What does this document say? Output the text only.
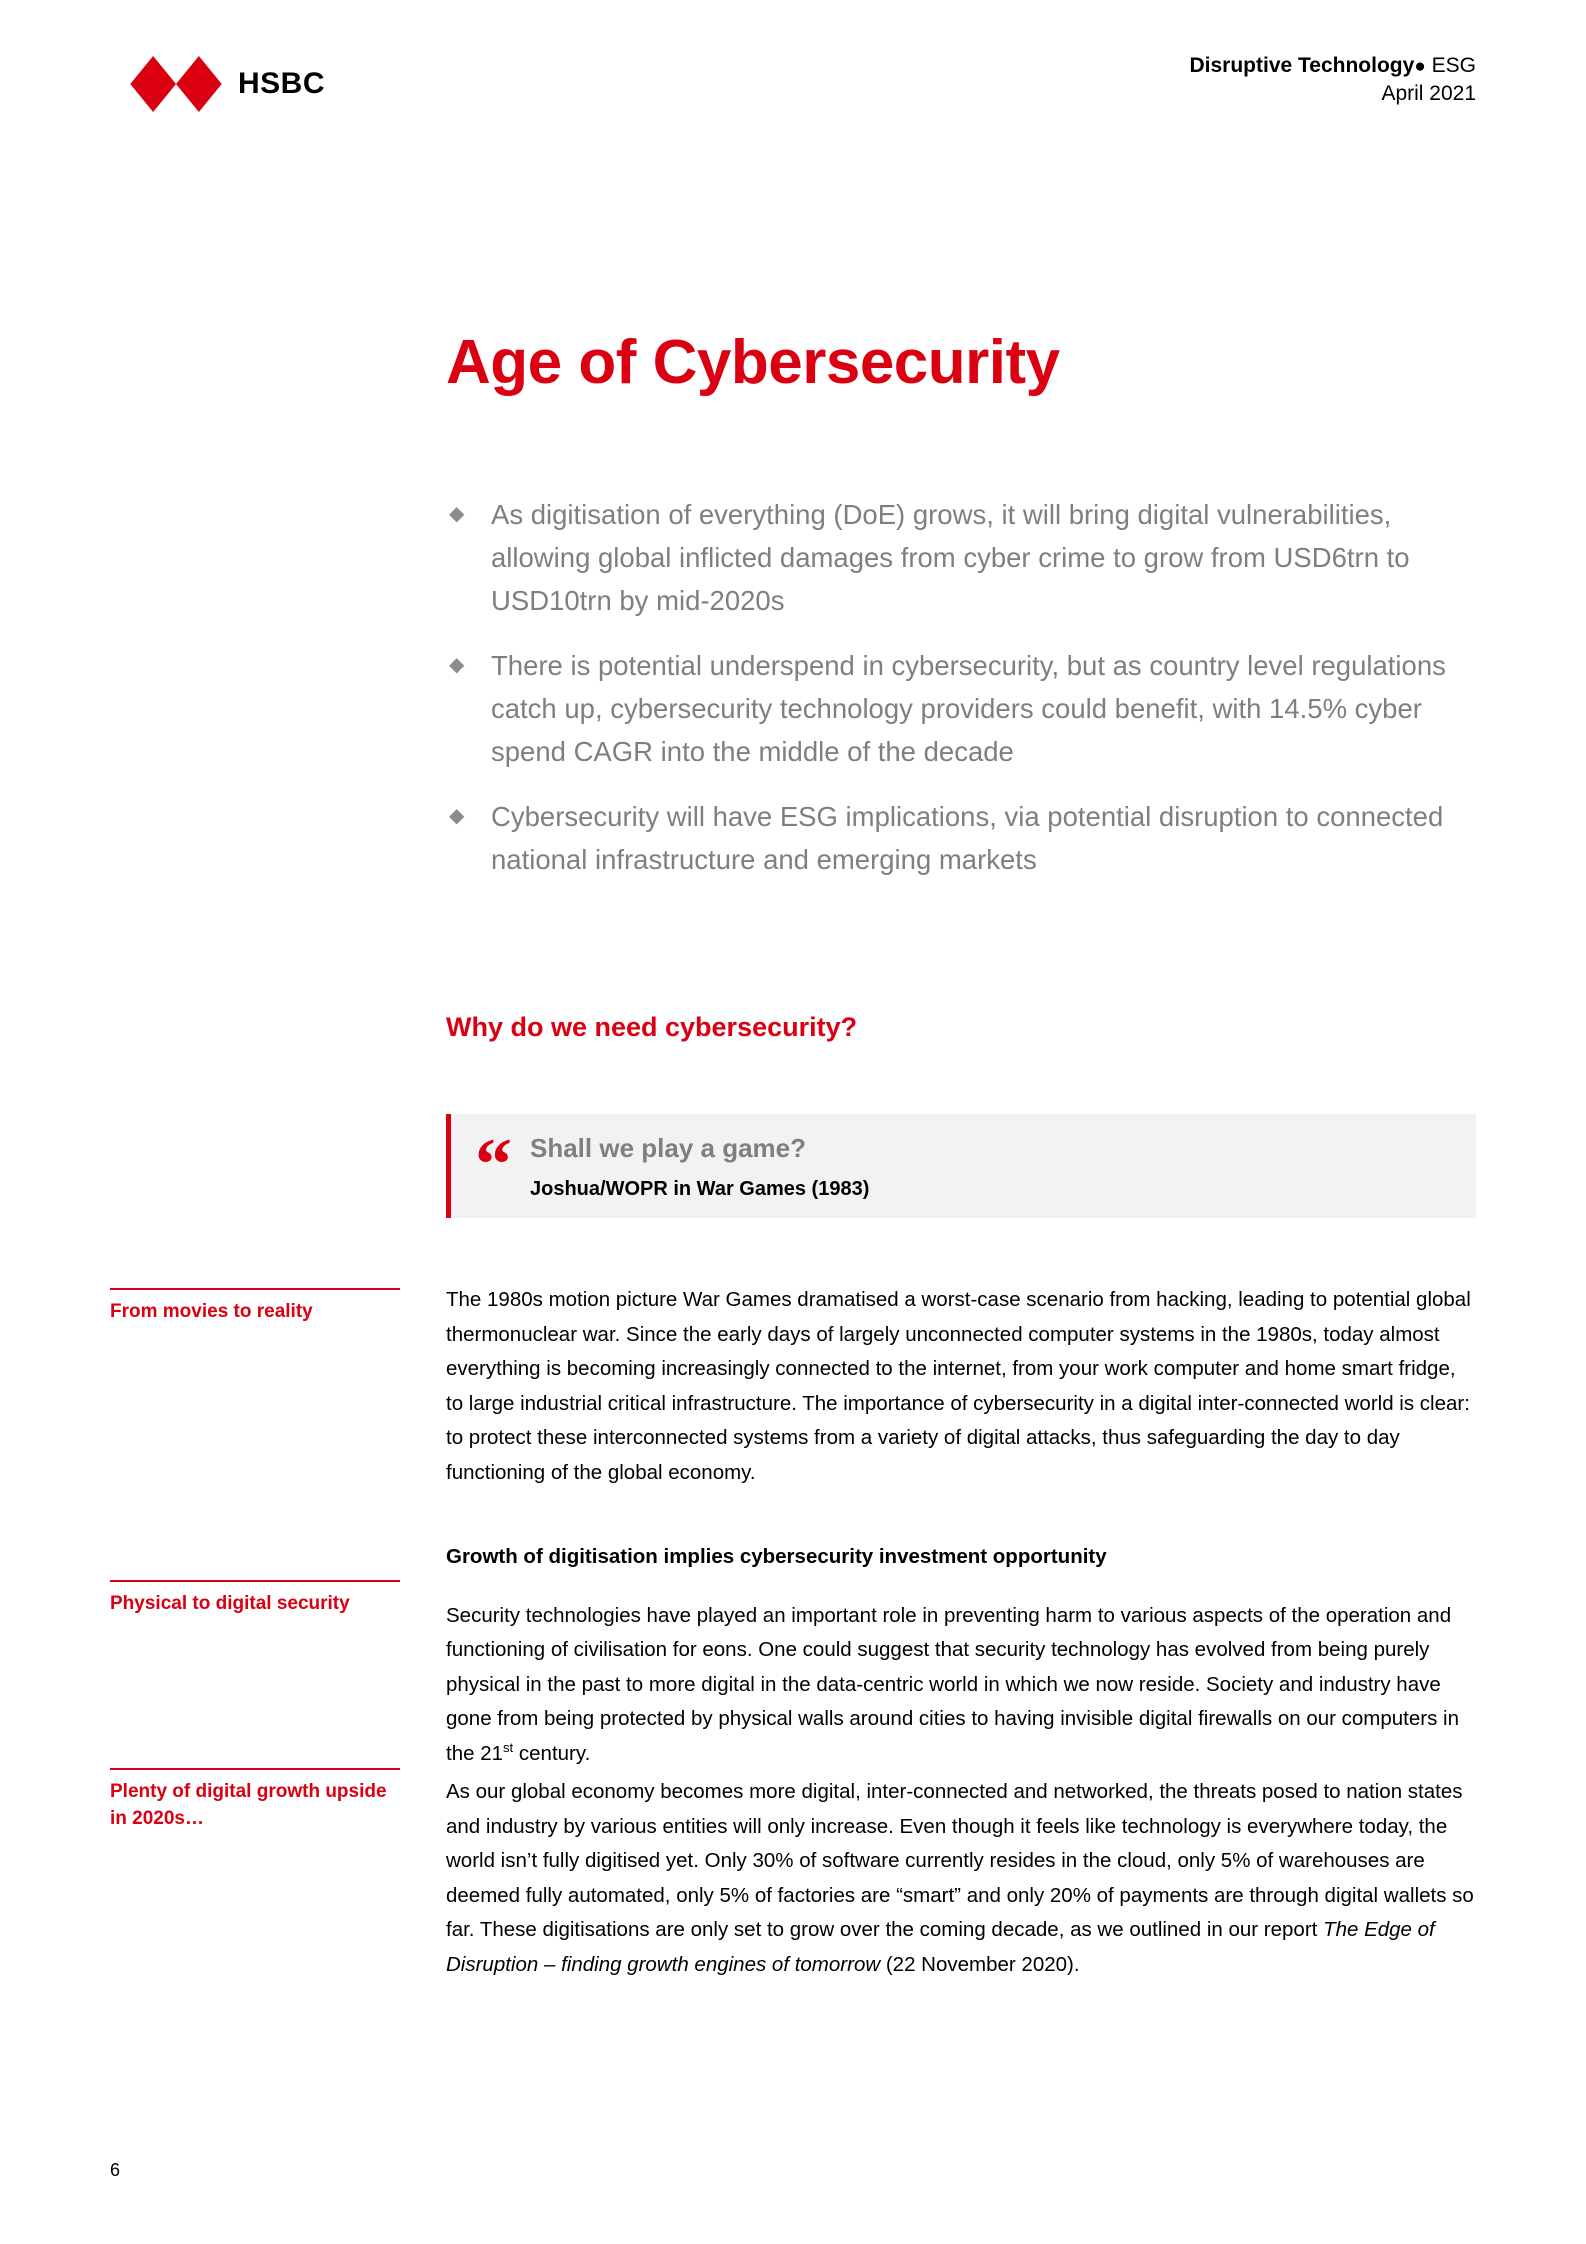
HSBC
Disruptive Technology● ESG
April 2021
Age of Cybersecurity
◆ As digitisation of everything (DoE) grows, it will bring digital vulnerabilities, allowing global inflicted damages from cyber crime to grow from USD6trn to USD10trn by mid-2020s
◆ There is potential underspend in cybersecurity, but as country level regulations catch up, cybersecurity technology providers could benefit, with 14.5% cyber spend CAGR into the middle of the decade
◆ Cybersecurity will have ESG implications, via potential disruption to connected national infrastructure and emerging markets
Why do we need cybersecurity?
“ Shall we play a game?
Joshua/WOPR in War Games (1983)
From movies to reality
Physical to digital security
Plenty of digital growth upside in 2020s…

The 1980s motion picture War Games dramatised a worst-case scenario from hacking, leading to potential global thermonuclear war. Since the early days of largely unconnected computer systems in the 1980s, today almost everything is becoming increasingly connected to the internet, from your work computer and home smart fridge, to large industrial critical infrastructure. The importance of cybersecurity in a digital inter-connected world is clear: to protect these interconnected systems from a variety of digital attacks, thus safeguarding the day to day functioning of the global economy.

Growth of digitisation implies cybersecurity investment opportunity

Security technologies have played an important role in preventing harm to various aspects of the operation and functioning of civilisation for eons. One could suggest that security technology has evolved from being purely physical in the past to more digital in the data-centric world in which we now reside. Society and industry have gone from being protected by physical walls around cities to having invisible digital firewalls on our computers in the 21st century.

As our global economy becomes more digital, inter-connected and networked, the threats posed to nation states and industry by various entities will only increase. Even though it feels like technology is everywhere today, the world isn’t fully digitised yet. Only 30% of software currently resides in the cloud, only 5% of warehouses are deemed fully automated, only 5% of factories are “smart” and only 20% of payments are through digital wallets so far. These digitisations are only set to grow over the coming decade, as we outlined in our report The Edge of Disruption – finding growth engines of tomorrow (22 November 2020).

6
